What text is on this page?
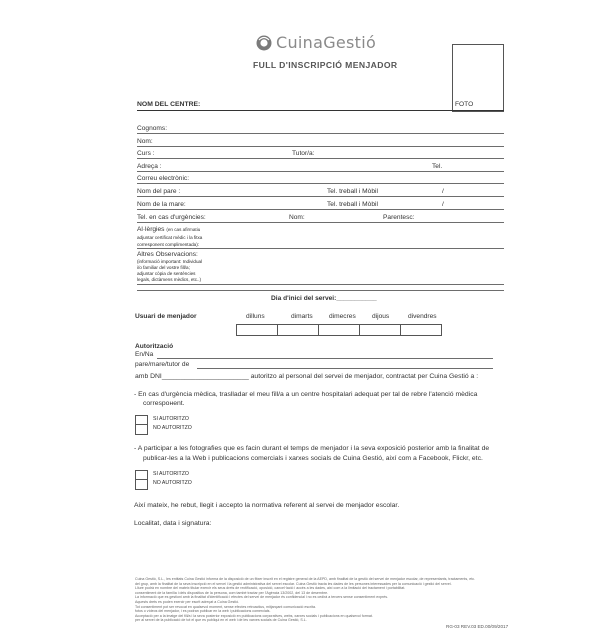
CuinaGestió
FULL D'INSCRIPCIÓ MENJADOR
FOTO
NOM DEL CENTRE:
Cognoms:
Nom:
Curs :	Tutor/a:
Adreça :	Tel.
Correu electrònic:
Nom del pare :	Tel. treball i Mòbil	/
Nom de la mare:	Tel. treball i Mòbil	/
Tel. en cas d'urgències:	Nom:	Parentesc:
Al·lèrgies (en cas afirmatiu
adjuntar certificat mèdic i la fitxa
corresponent complimentada):
Altres Observacions:
(informació important: Individual
i/o familiar del vostre fill/a;
adjuntar còpia de sentències
legals, dictàmens mèdics, etc..)
Dia d'inici del servei:___________
Usuari de menjador	dilluns	dimarts dimecres dijous	divendres
Autorització
En/Na
pare/mare/tutor de
amb DNI_______________________ autoritzo al personal del servei de menjador, contractat per Cuina Gestió a :
- En cas d'urgència mèdica, traslladar el meu fill/a a un centre hospitalari adequat per tal de rebre l'atenció mèdica
correspонent.
SI AUTORITZO
NO AUTORITZO
- A participar a les fotografies que es facin durant el temps de menjador i la seva exposició posterior amb la finalitat de
publicar-les a la Web i publicacions comercials i xarxes socials de Cuina Gestió, així com a Facebook, Flickr, etc.
SI AUTORITZO
NO AUTORITZO
Així mateix, he rebut, llegit i accepto la normativa referent al servei de menjador escolar.
Localitat, data i signatura:
Cuina Gestió, S.L., les entitats Cuina Gestió informa de la disposició de un fitxer inscrit en el registre general de la AEPD, amb finalitat de la gestió del servei de menjador escolar, de representants, tractaments, etc.
del grup, amb la finalitat de la seva inscripció en el servei i la gestió administrativa del servei escolar. Cuina Gestió tracta les dades de les persones interessades per la comunicació i gestió del servei.
Lliure podrà en nombre del mateix titular exercir els seus drets de rectificació, oposició, cancel·lació i accés a les dades, així com a la limitació del tractament i portabilitat.
consentiment de la família i dels dispositius de la persona, com també tractar per l'Agència 13/2002, del 13 de desembre.
La informació que es gestioni amb la finalitat d'identificació i efectes del servei de menjador és confidencial i no es cedirà a tercers sense consentiment exprés.
Aquests drets es poden exercir per escrit adreçat a Cuina Gestió.
Tot consentiment pot ser revocat en qualsevol moment, sense efectes retroactius, mitjançant comunicació escrita.
fotos o vídeos del menjador, i es podran publicar en la web i publicacions comercials.
Acceptació per a la imatge del fill/a i la seva posterior exposició en publicacions corporatives, webs, xarxes socials i publicacions en qualsevol format.
per al servei de la publicació de tot el que es publiqui en el web i de les xarxes socials de Cuina Gestió, S.L.
RG-03 REV.03 ED.00/09/2017
